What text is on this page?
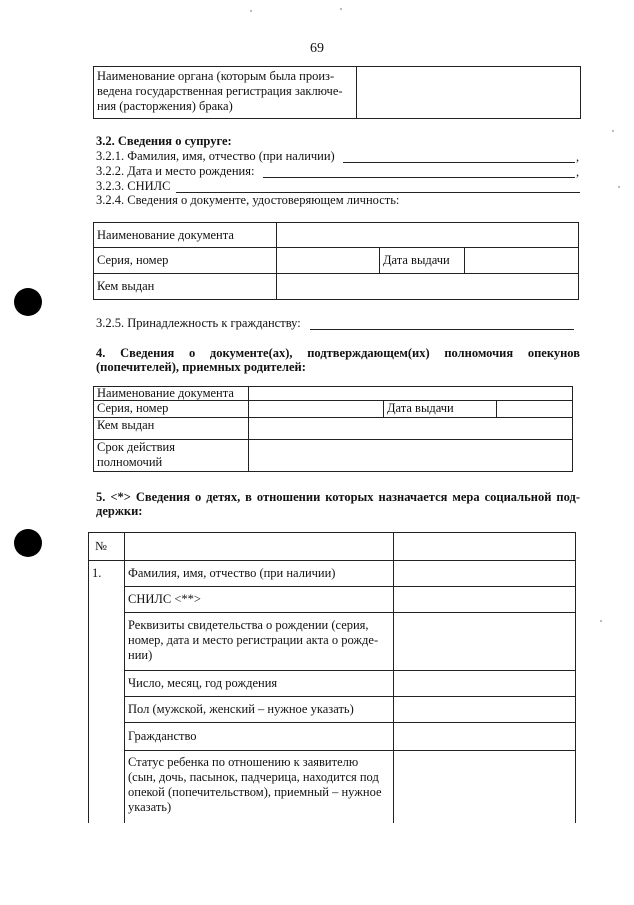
69
Наименование органа (которым была произ-
ведена государственная регистрация заключе-
ния (расторжения) брака)

3.2. Сведения о супруге:
3.2.1. Фамилия, имя, отчество (при наличии)	,
3.2.2. Дата и место рождения:	,
3.2.3. СНИЛС
3.2.4. Сведения о документе, удостоверяющем личность:
Наименование документа			
Серия, номер		Дата выдачи	
Кем выдан			
3.2.5. Принадлежность к гражданству:
4. Сведения о документе(ах), подтверждающем(их) полномочия опекунов
(попечителей), приемных родителей:
Наименование документа			
Серия, номер		Дата выдачи	
Кем выдан			

Срок действия
полномочий			

5. <*> Сведения о детях, в отношении которых назначается мера социальной под-
держки:
№		
1.	Фамилия, имя, отчество (при наличии)	
	СНИЛС <**>	

	Реквизиты свидетельства о рождении (серия,
номер, дата и место регистрации акта о рожде-
нии)	

	Число, месяц, год рождения	
	Пол (мужской, женский – нужное указать)	
	Гражданство	

	Статус ребенка по отношению к заявителю
(сын, дочь, пасынок, падчерица, находится под
опекой (попечительством), приемный – нужное
указать)	
